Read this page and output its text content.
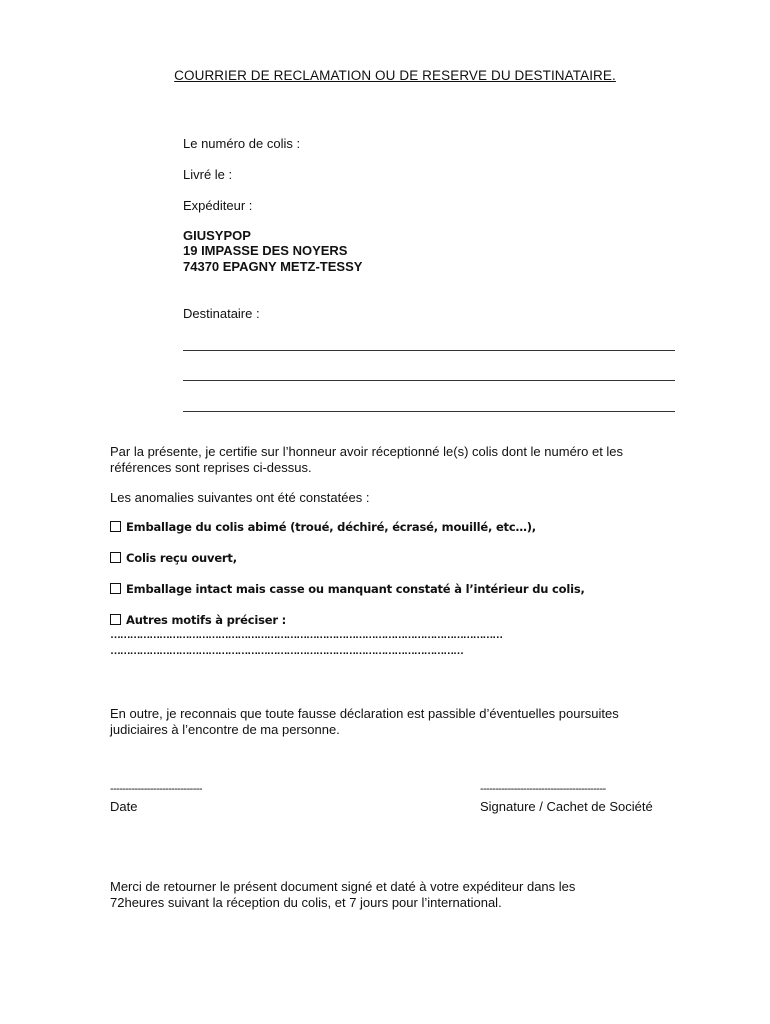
COURRIER DE RECLAMATION OU DE RESERVE DU DESTINATAIRE.
Le numéro de colis :
Livré le :
Expéditeur :
GIUSYPOP
19 IMPASSE DES NOYERS
74370 EPAGNY METZ-TESSY
Destinataire :
Par la présente, je certifie sur l’honneur avoir réceptionné le(s) colis dont le numéro et les références sont reprises ci-dessus.
Les anomalies suivantes ont été constatées :
Emballage du colis abimé (troué, déchiré, écrasé, mouillé, etc…),
Colis reçu ouvert,
Emballage intact mais casse ou manquant constaté à l’intérieur du colis,
Autres motifs à préciser :
…………………………………………………………………………………………………………
………………………………………………………………………………………………
En outre, je reconnais que toute fausse déclaration est passible d’éventuelles poursuites judiciaires à l’encontre de ma personne.
------------------------------	-----------------------------------------
Date	Signature / Cachet de Société
Merci de retourner le présent document signé et daté à votre expéditeur dans les 72heures suivant la réception du colis, et 7 jours pour l’international.
